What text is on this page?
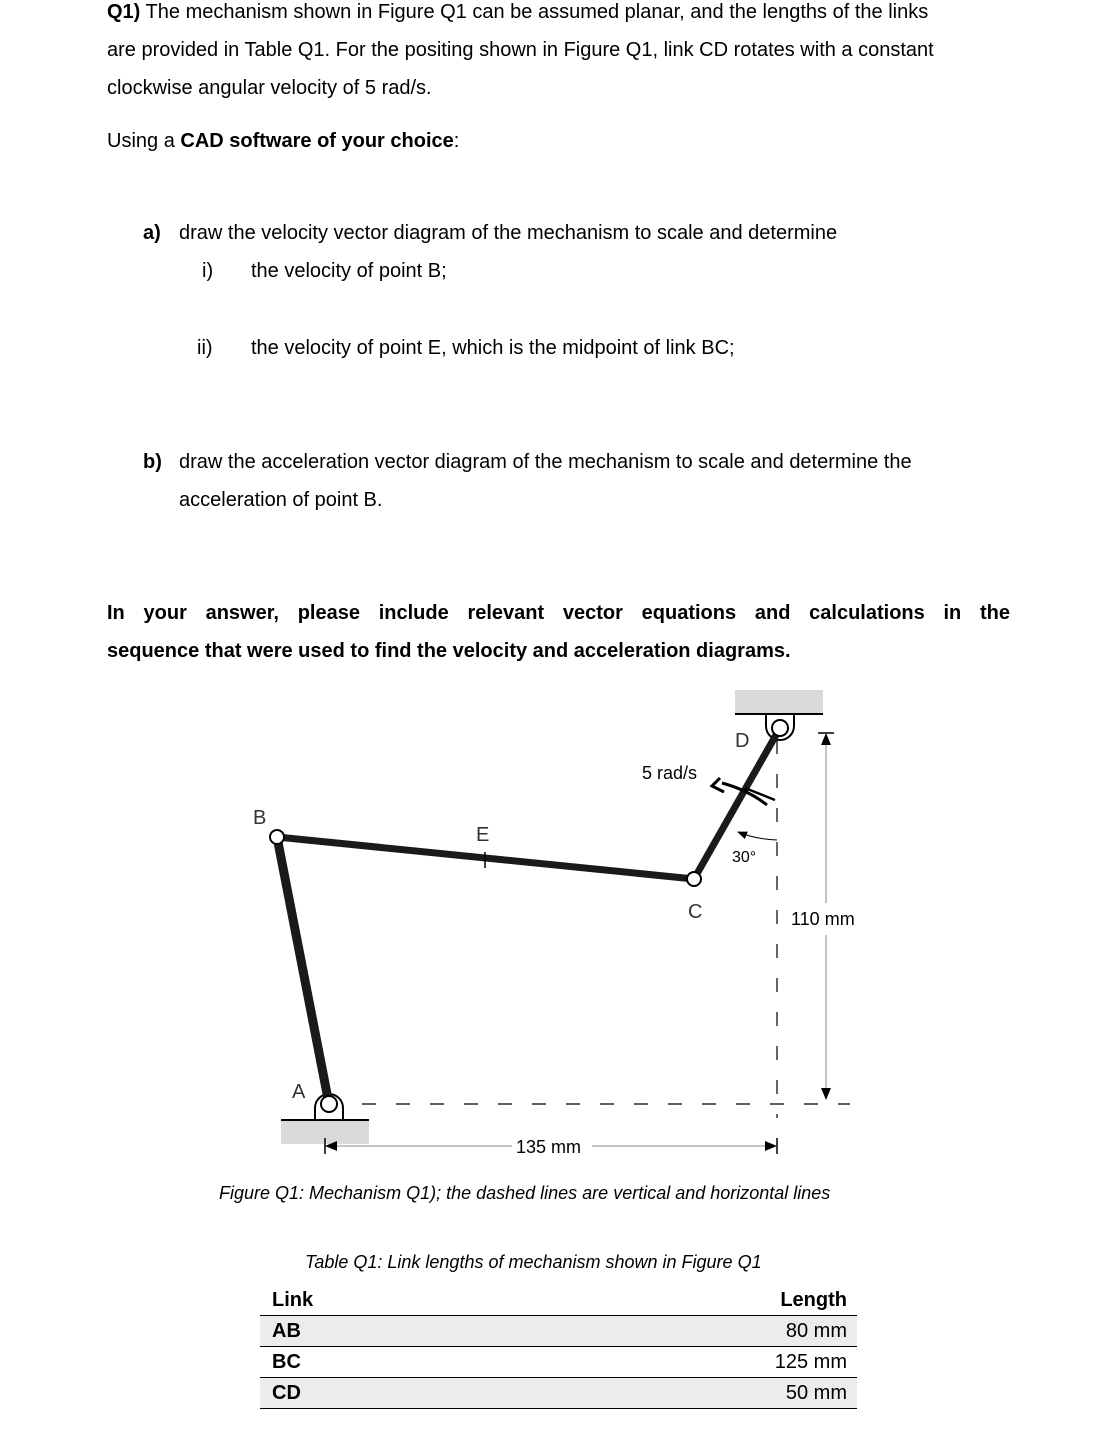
Q1) The mechanism shown in Figure Q1 can be assumed planar, and the lengths of the links
are provided in Table Q1. For the positing shown in Figure Q1, link CD rotates with a constant
clockwise angular velocity of 5 rad/s.
Using a CAD software of your choice:
a) draw the velocity vector diagram of the mechanism to scale and determine
i) the velocity of point B;
ii) the velocity of point E, which is the midpoint of link BC;
b) draw the acceleration vector diagram of the mechanism to scale and determine the
acceleration of point B.
In your answer, please include relevant vector equations and calculations in the
sequence that were used to find the velocity and acceleration diagrams.
B
E
C
D
A
5 rad/s
30°
110 mm
135 mm
Figure Q1: Mechanism Q1); the dashed lines are vertical and horizontal lines
Table Q1: Link lengths of mechanism shown in Figure Q1
Link	Length
AB	80 mm
BC	125 mm
CD	50 mm
